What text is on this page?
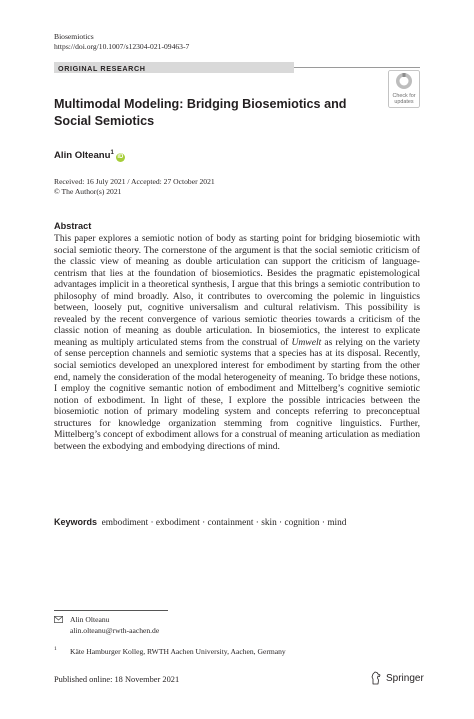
Biosemiotics
https://doi.org/10.1007/s12304-021-09463-7
ORIGINAL RESEARCH
Check for
updates
Multimodal Modeling: Bridging Biosemiotics and Social Semiotics
Alin Olteanu$^1$iD
Received: 16 July 2021 / Accepted: 27 October 2021
© The Author(s) 2021
Abstract

This paper explores a semiotic notion of body as starting point for bridging biosemiotic with social semiotic theory. The cornerstone of the argument is that the social semiotic criticism of the classic view of meaning as double articulation can support the criticism of language-centrism that lies at the foundation of biosemiotics. Besides the pragmatic epistemological advantages implicit in a theoretical synthesis, I argue that this brings a semiotic contribution to philosophy of mind broadly. Also, it contributes to overcoming the polemic in linguistics between, loosely put, cognitive universalism and cultural relativism. This possibility is revealed by the recent convergence of various semiotic theories towards a criticism of the classic notion of meaning as double articulation. In biosemiotics, the interest to explicate meaning as multiply articulated stems from the construal of Umwelt as relying on the variety of sense perception channels and semiotic systems that a species has at its disposal. Recently, social semiotics developed an unexplored interest for embodiment by starting from the other end, namely the consideration of the modal heterogeneity of meaning. To bridge these notions, I employ the cognitive semantic notion of embodiment and Mittelberg’s cognitive semiotic notion of exbodiment. In light of these, I explore the possible intricacies between the biosemiotic notion of primary modeling system and concepts referring to preconceptual structures for knowledge organization stemming from cognitive linguistics. Further, Mittelberg’s concept of exbodiment allows for a construal of meaning articulation as mediation between the exbodying and embodying directions of mind.

Keywords embodiment · exbodiment · containment · skin · cognition · mind
Alin Olteanu
alin.olteanu@rwth-aachen.de
1 Käte Hamburger Kolleg, RWTH Aachen University, Aachen, Germany
Published online: 18 November 2021	Springer
